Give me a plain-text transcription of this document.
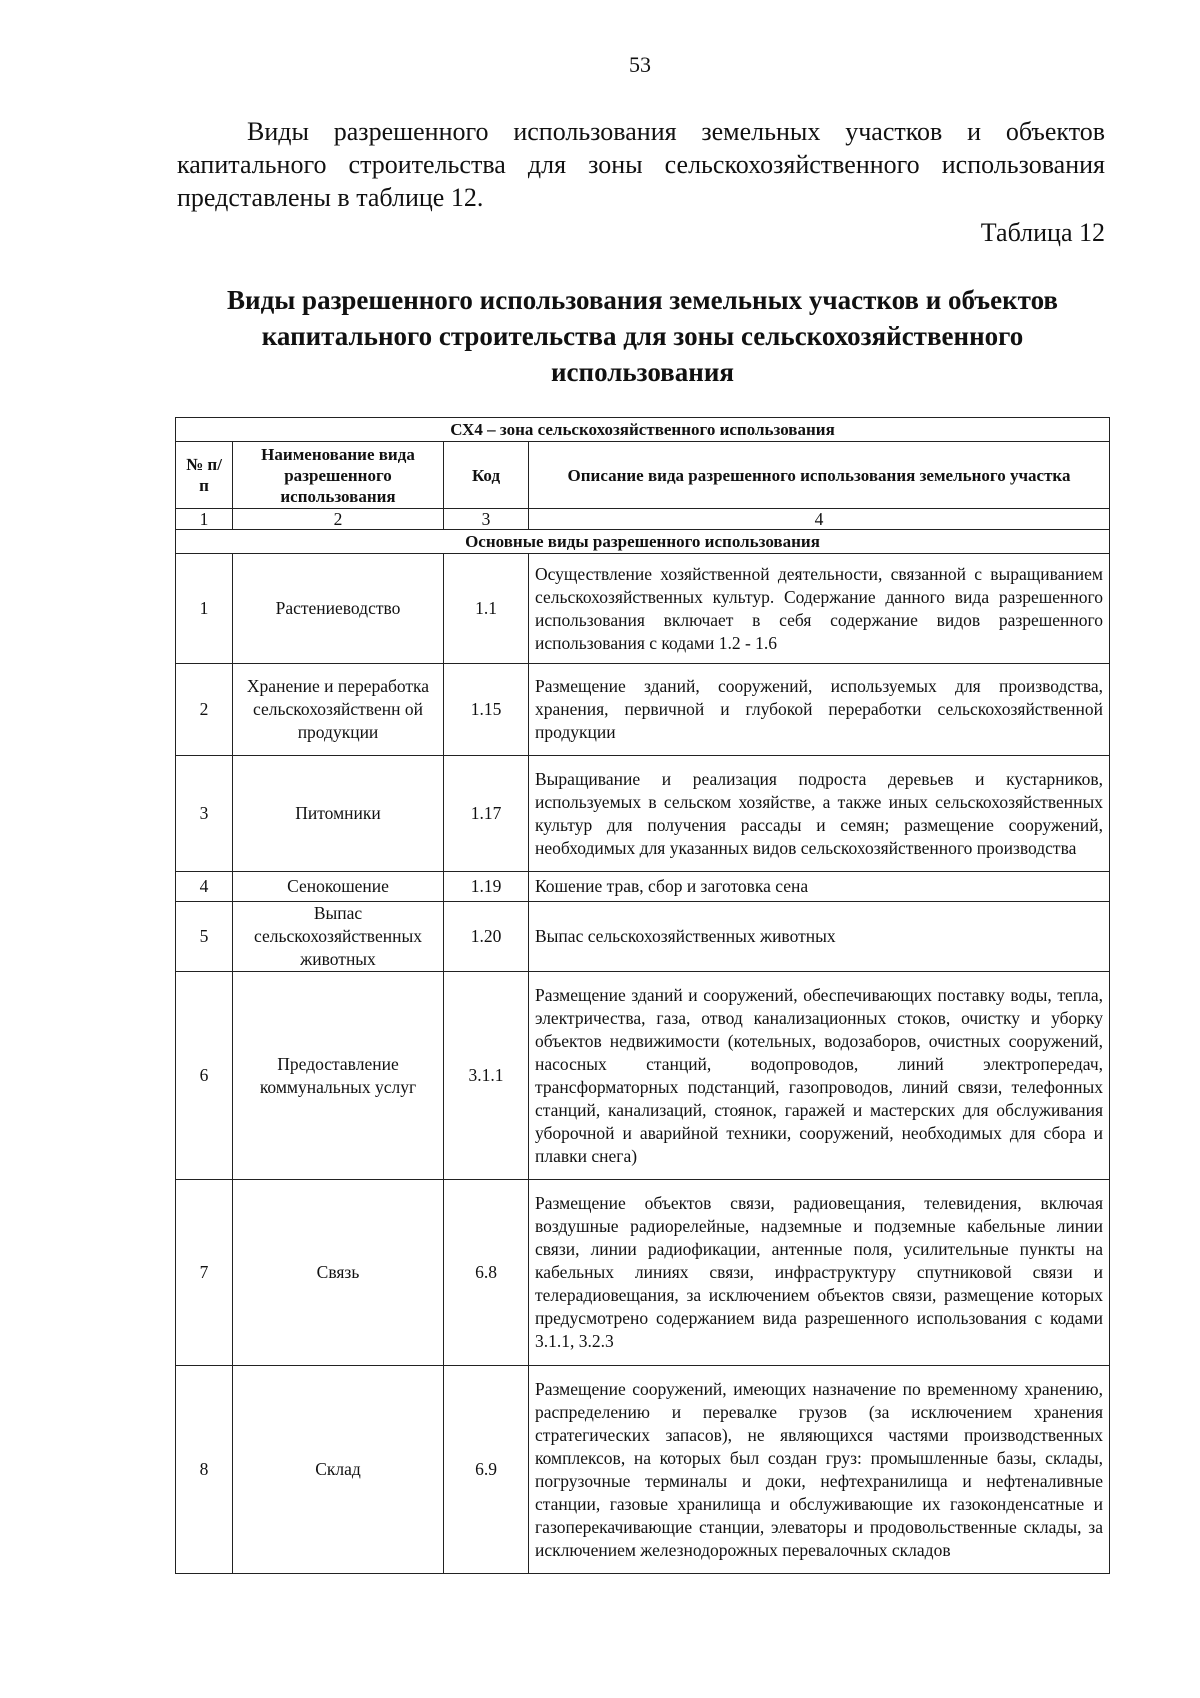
53

Виды разрешенного использования земельных участков и объектов капитального строительства для зоны сельскохозяйственного использования представлены в таблице 12.

Таблица 12
Виды разрешенного использования земельных участков и объектов капитального строительства для зоны сельскохозяйственного использования
СХ4 – зона сельскохозяйственного использования			
№ п/п	Наименование вида разрешенного использования	Код	Описание вида разрешенного использования земельного участка
1	2	3	4
Основные виды разрешенного использования			
1	Растениеводство	1.1	Осуществление хозяйственной деятельности, связанной с выращиванием сельскохозяйственных культур. Содержание данного вида разрешенного использования включает в себя содержание видов разрешенного использования с кодами 1.2 - 1.6
2	Хранение и переработка сельскохозяйственн ой продукции	1.15	Размещение зданий, сооружений, используемых для производства, хранения, первичной и глубокой переработки сельскохозяйственной продукции
3	Питомники	1.17	Выращивание и реализация подроста деревьев и кустарников, используемых в сельском хозяйстве, а также иных сельскохозяйственных культур для получения рассады и семян; размещение сооружений, необходимых для указанных видов сельскохозяйственного производства
4	Сенокошение	1.19	Кошение трав, сбор и заготовка сена
5	Выпас сельскохозяйственных животных	1.20	Выпас сельскохозяйственных животных
6	Предоставление коммунальных услуг	3.1.1	Размещение зданий и сооружений, обеспечивающих поставку воды, тепла, электричества, газа, отвод канализационных стоков, очистку и уборку объектов недвижимости (котельных, водозаборов, очистных сооружений, насосных станций, водопроводов, линий электропередач, трансформаторных подстанций, газопроводов, линий связи, телефонных станций, канализаций, стоянок, гаражей и мастерских для обслуживания уборочной и аварийной техники, сооружений, необходимых для сбора и плавки снега)
7	Связь	6.8	Размещение объектов связи, радиовещания, телевидения, включая воздушные радиорелейные, надземные и подземные кабельные линии связи, линии радиофикации, антенные поля, усилительные пункты на кабельных линиях связи, инфраструктуру спутниковой связи и телерадиовещания, за исключением объектов связи, размещение которых предусмотрено содержанием вида разрешенного использования с кодами 3.1.1, 3.2.3
8	Склад	6.9	Размещение сооружений, имеющих назначение по временному хранению, распределению и перевалке грузов (за исключением хранения стратегических запасов), не являющихся частями производственных комплексов, на которых был создан груз: промышленные базы, склады, погрузочные терминалы и доки, нефтехранилища и нефтеналивные станции, газовые хранилища и обслуживающие их газоконденсатные и газоперекачивающие станции, элеваторы и продовольственные склады, за исключением железнодорожных перевалочных складов
